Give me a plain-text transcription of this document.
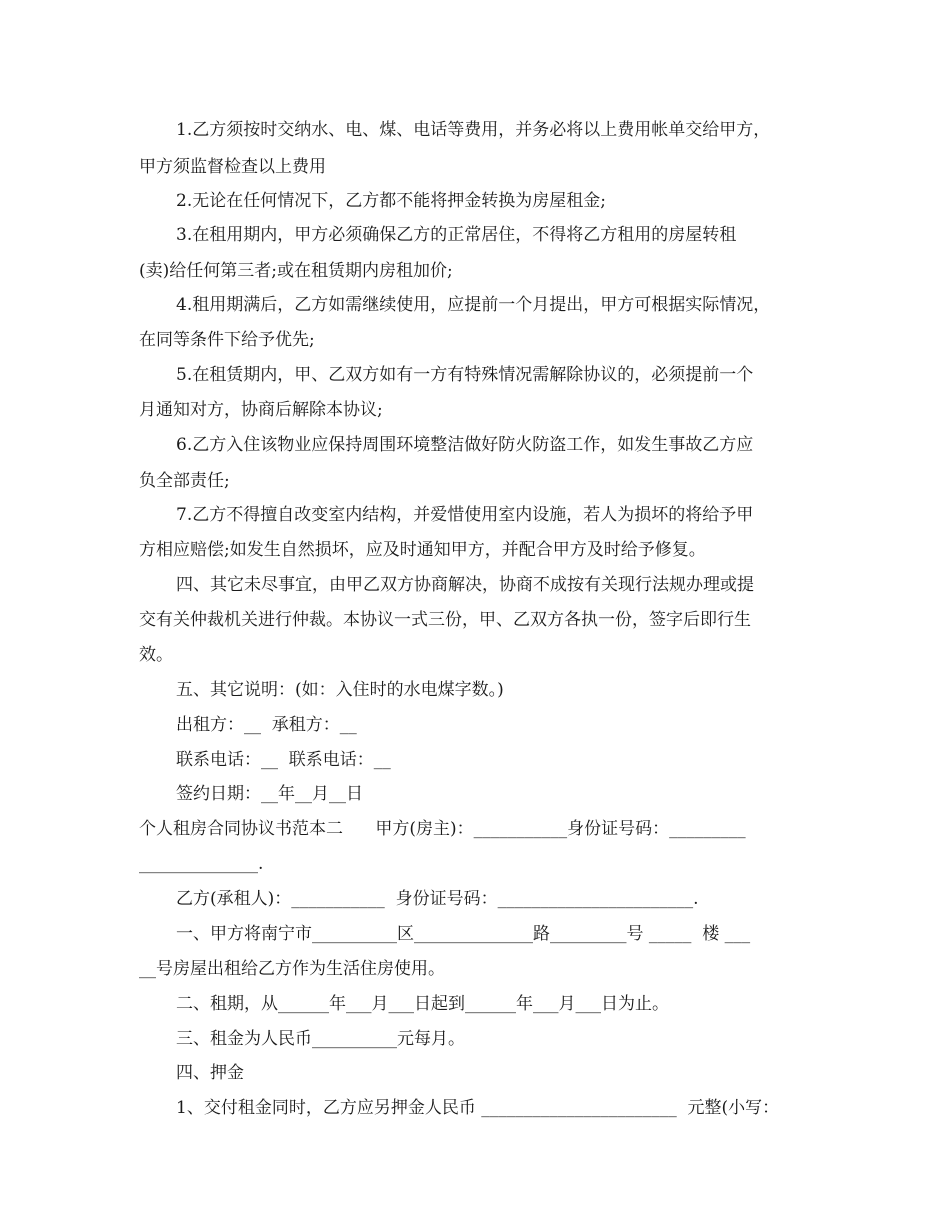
1.乙方须按时交纳水、电、煤、电话等费用，并务必将以上费用帐单交给甲方，

甲方须监督检查以上费用

2.无论在任何情况下，乙方都不能将押金转换为房屋租金;

3.在租用期内，甲方必须确保乙方的正常居住，不得将乙方租用的房屋转租

(卖)给任何第三者;或在租赁期内房租加价;

4.租用期满后，乙方如需继续使用，应提前一个月提出，甲方可根据实际情况，

在同等条件下给予优先;

5.在租赁期内，甲、乙双方如有一方有特殊情况需解除协议的，必须提前一个

月通知对方，协商后解除本协议;

6.乙方入住该物业应保持周围环境整洁做好防火防盗工作，如发生事故乙方应

负全部责任;

7.乙方不得擅自改变室内结构，并爱惜使用室内设施，若人为损坏的将给予甲

方相应赔偿;如发生自然损坏，应及时通知甲方，并配合甲方及时给予修复。

四、其它未尽事宜，由甲乙双方协商解决，协商不成按有关现行法规办理或提

交有关仲裁机关进行仲裁。本协议一式三份，甲、乙双方各执一份，签字后即行生

效。

五、其它说明：(如：入住时的水电煤字数。)

出租方：__  承租方：__

联系电话：__  联系电话：__

签约日期：__年__月__日

个人租房合同协议书范本二      甲方(房主)：___________身份证号码：_________

______________.

乙方(承租人)：___________  身份证号码：_______________________.

一、甲方将南宁市__________区______________路_________号 _____  楼 ___

__号房屋出租给乙方作为生活住房使用。

二、租期，从______年___月___日起到______年___月___日为止。

三、租金为人民币__________元每月。

四、押金

1、交付租金同时，乙方应另押金人民币 _______________________  元整(小写：
